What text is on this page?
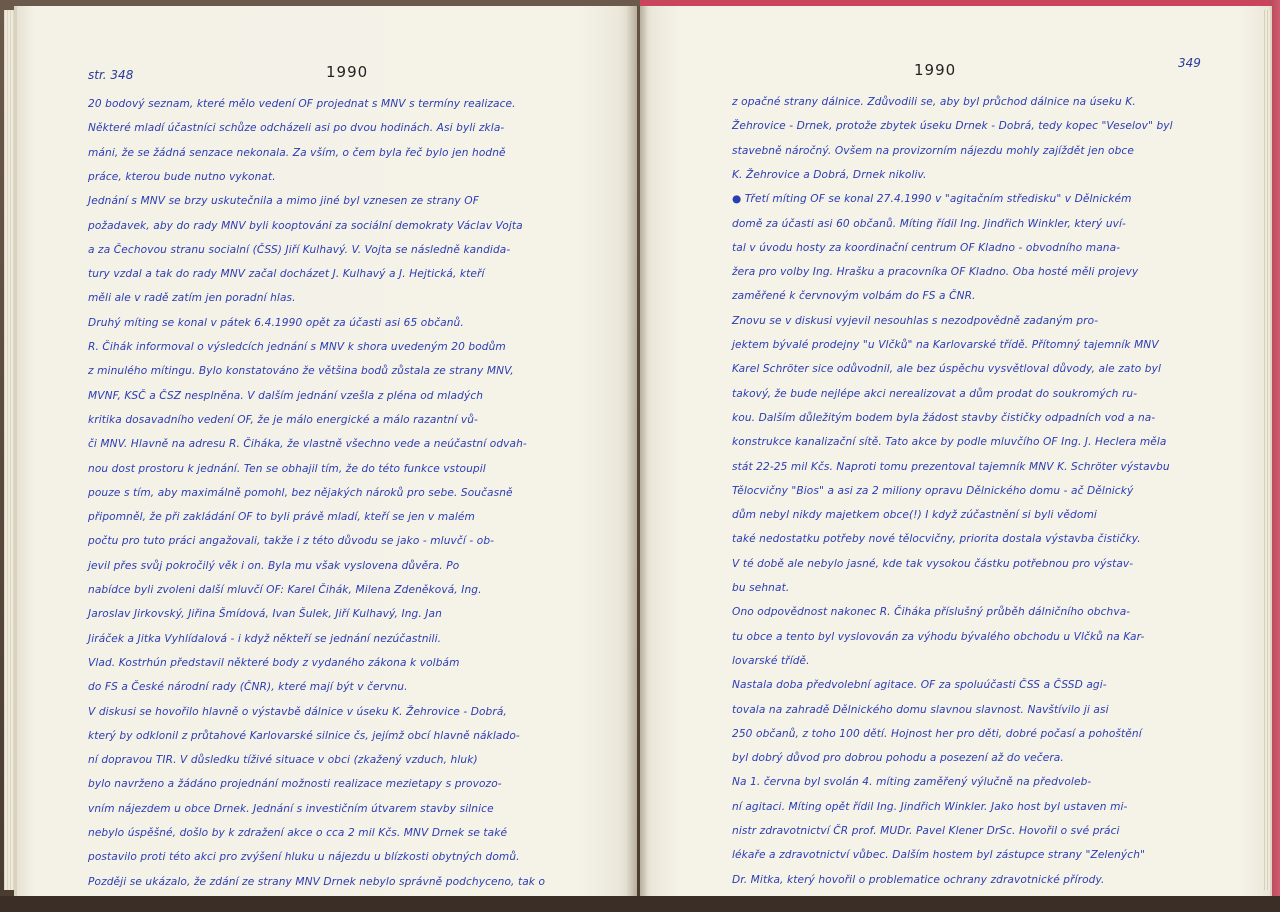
str. 348	1990	349
1990
20 bodový seznam, které mělo vedení OF projednat s MNV s termíny realizace.
Některé mladí účastníci schůze odcházeli asi po dvou hodinách. Asi byli zkla-
máni, že se žádná senzace nekonala. Za vším, o čem byla řeč bylo jen hodně
práce, kterou bude nutno vykonat.
Jednání s MNV se brzy uskutečnila a mimo jiné byl vznesen ze strany OF
požadavek, aby do rady MNV byli kooptováni za sociální demokraty Václav Vojta
a za Čechovou stranu socialní (ČSS) Jiří Kulhavý. V. Vojta se následně kandida-
tury vzdal a tak do rady MNV začal docházet J. Kulhavý a J. Hejtická, kteří
měli ale v radě zatím jen poradní hlas.
Druhý míting se konal v pátek 6.4.1990 opět za účasti asi 65 občanů.
R. Čihák informoval o výsledcích jednání s MNV k shora uvedeným 20 bodům
z minulého mítingu. Bylo konstatováno že většina bodů zůstala ze strany MNV,
MVNF, KSČ a ČSZ nesplněna. V dalším jednání vzešla z pléna od mladých
kritika dosavadního vedení OF, že je málo energické a málo razantní vů-
či MNV. Hlavně na adresu R. Čiháka, že vlastně všechno vede a neúčastní odvah-
nou dost prostoru k jednání. Ten se obhajil tím, že do této funkce vstoupil
pouze s tím, aby maximálně pomohl, bez nějakých nároků pro sebe. Současně
připomněl, že při zakládání OF to byli právě mladí, kteří se jen v malém
počtu pro tuto práci angažovali, takže i z této důvodu se jako - mluvčí - ob-
jevil přes svůj pokročilý věk i on. Byla mu však vyslovena důvěra. Po
nabídce byli zvoleni další mluvčí OF: Karel Čihák, Milena Zdeněková, Ing.
Jaroslav Jirkovský, Jiřina Šmídová, Ivan Šulek, Jiří Kulhavý, Ing. Jan
Jiráček a Jitka Vyhlídalová - i když někteří se jednání nezúčastnili.
Vlad. Kostrhún představil některé body z vydaného zákona k volbám
do FS a České národní rady (ČNR), které mají být v červnu.
V diskusi se hovořilo hlavně o výstavbě dálnice v úseku K. Žehrovice - Dobrá,
který by odklonil z průtahové Karlovarské silnice čs, jejímž obcí hlavně náklado-
ní dopravou TIR. V důsledku tíživé situace v obci (zkažený vzduch, hluk)
bylo navrženo a žádáno projednání možnosti realizace mezietapy s provozo-
vním nájezdem u obce Drnek. Jednání s investičním útvarem stavby silnice
nebylo úspěšné, došlo by k zdražení akce o cca 2 mil Kčs. MNV Drnek se také
postavilo proti této akci pro zvýšení hluku u nájezdu u blízkosti obytných domů.
Později se ukázalo, že zdání ze strany MNV Drnek nebylo správně podchyceno, tak o
z opačné strany dálnice. Zdůvodili se, aby byl průchod dálnice na úseku K.
Žehrovice - Drnek, protože zbytek úseku Drnek - Dobrá, tedy kopec "Veselov" byl
stavebně náročný. Ovšem na provizorním nájezdu mohly zajíždět jen obce
K. Žehrovice a Dobrá, Drnek nikoliv.
● Třetí míting OF se konal 27.4.1990 v "agitačním středisku" v Dělnickém
domě za účasti asi 60 občanů. Míting řídil Ing. Jindřich Winkler, který uví-
tal v úvodu hosty za koordinační centrum OF Kladno - obvodního mana-
žera pro volby Ing. Hrašku a pracovníka OF Kladno. Oba hosté měli projevy
zaměřené k červnovým volbám do FS a ČNR.
Znovu se v diskusi vyjevil nesouhlas s nezodpovědně zadaným pro-
jektem bývalé prodejny "u Vlčků" na Karlovarské třídě. Přítomný tajemník MNV
Karel Schröter sice odůvodnil, ale bez úspěchu vysvětloval důvody, ale zato byl
takový, že bude nejlépe akci nerealizovat a dům prodat do soukromých ru-
kou. Dalším důležitým bodem byla žádost stavby čističky odpadních vod a na-
konstrukce kanalizační sítě. Tato akce by podle mluvčího OF Ing. J. Heclera měla
stát 22-25 mil Kčs. Naproti tomu prezentoval tajemník MNV K. Schröter výstavbu
Tělocvičny "Bios" a asi za 2 miliony opravu Dělnického domu - ač Dělnický
dům nebyl nikdy majetkem obce(!) I když zúčastnění si byli vědomi
také nedostatku potřeby nové tělocvičny, priorita dostala výstavba čističky.
V té době ale nebylo jasné, kde tak vysokou částku potřebnou pro výstav-
bu sehnat.
Ono odpovědnost nakonec R. Čiháka příslušný průběh dálničního obchva-
tu obce a tento byl vyslovován za výhodu bývalého obchodu u Vlčků na Kar-
lovarské třídě.
Nastala doba předvolební agitace. OF za spoluúčasti ČSS a ČSSD agi-
tovala na zahradě Dělnického domu slavnou slavnost. Navštívilo ji asi
250 občanů, z toho 100 dětí. Hojnost her pro děti, dobré počasí a pohoštění
byl dobrý důvod pro dobrou pohodu a posezení až do večera.
Na 1. června byl svolán 4. míting zaměřený výlučně na předvoleb-
ní agitaci. Míting opět řídil Ing. Jindřich Winkler. Jako host byl ustaven mi-
nistr zdravotnictví ČR prof. MUDr. Pavel Klener DrSc. Hovořil o své práci
lékaře a zdravotnictví vůbec. Dalším hostem byl zástupce strany "Zelených"
Dr. Mitka, který hovořil o problematice ochrany zdravotnické přírody.
